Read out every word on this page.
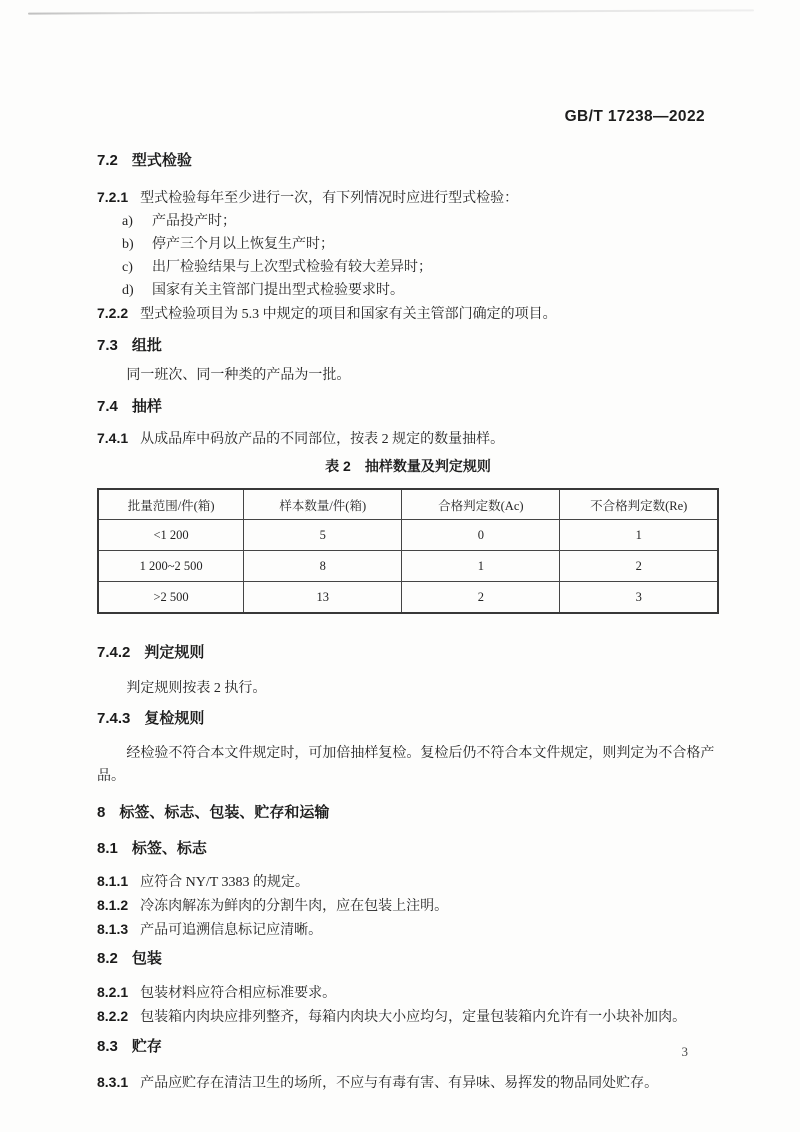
GB/T 17238—2022

7.2 型式检验

7.2.1 型式检验每年至少进行一次，有下列情况时应进行型式检验：

a) 产品投产时；

b) 停产三个月以上恢复生产时；

c) 出厂检验结果与上次型式检验有较大差异时；

d) 国家有关主管部门提出型式检验要求时。

7.2.2 型式检验项目为 5.3 中规定的项目和国家有关主管部门确定的项目。

7.3 组批

同一班次、同一种类的产品为一批。

7.4 抽样

7.4.1 从成品库中码放产品的不同部位，按表 2 规定的数量抽样。

表 2　抽样数量及判定规则

批量范围/件(箱)	样本数量/件(箱)	合格判定数(Ac)	不合格判定数(Re)
<1 200	5	0	1
1 200~2 500	8	1	2
>2 500	13	2	3

7.4.2 判定规则

判定规则按表 2 执行。

7.4.3 复检规则

经检验不符合本文件规定时，可加倍抽样复检。复检后仍不符合本文件规定，则判定为不合格产品。

8 标签、标志、包装、贮存和运输

8.1 标签、标志

8.1.1 应符合 NY/T 3383 的规定。

8.1.2 冷冻肉解冻为鲜肉的分割牛肉，应在包装上注明。

8.1.3 产品可追溯信息标记应清晰。

8.2 包装

8.2.1 包装材料应符合相应标准要求。

8.2.2 包装箱内肉块应排列整齐，每箱内肉块大小应均匀，定量包装箱内允许有一小块补加肉。

8.3 贮存

8.3.1 产品应贮存在清洁卫生的场所，不应与有毒有害、有异味、易挥发的物品同处贮存。

3
